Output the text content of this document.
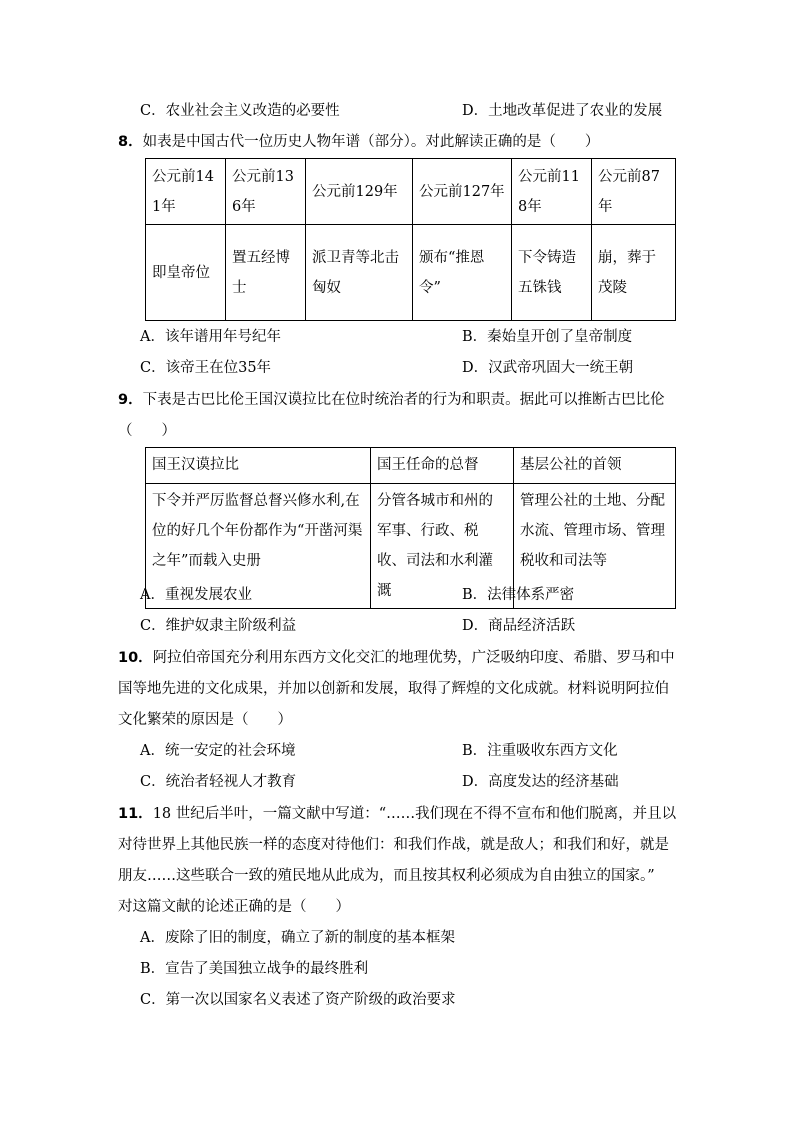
C．农业社会主义改造的必要性	D．土地改革促进了农业的发展
8．如表是中国古代一位历史人物年谱（部分）。对此解读正确的是（　　）
公元前141年	公元前136年	公元前129年	公元前127年	公元前118年	公元前87年
即皇帝位	置五经博士	派卫青等北击匈奴	颁布“推恩令”	下令铸造五铢钱	崩，葬于茂陵
A．该年谱用年号纪年	B．秦始皇开创了皇帝制度
C．该帝王在位35年	D．汉武帝巩固大一统王朝
9．下表是古巴比伦王国汉谟拉比在位时统治者的行为和职责。据此可以推断古巴比伦
（　　）
国王汉谟拉比	国王任命的总督	基层公社的首领
下令并严厉监督总督兴修水利,在位的好几个年份都作为“开凿河渠之年”而载入史册	分管各城市和州的军事、行政、税收、司法和水利灌溉	管理公社的土地、分配水流、管理市场、管理税收和司法等
A．重视发展农业	B．法律体系严密
C．维护奴隶主阶级利益	D．商品经济活跃
10．阿拉伯帝国充分利用东西方文化交汇的地理优势，广泛吸纳印度、希腊、罗马和中
国等地先进的文化成果，并加以创新和发展，取得了辉煌的文化成就。材料说明阿拉伯
文化繁荣的原因是（　　）
A．统一安定的社会环境	B．注重吸收东西方文化
C．统治者轻视人才教育	D．高度发达的经济基础
11．18 世纪后半叶，一篇文献中写道：“……我们现在不得不宣布和他们脱离，并且以
对待世界上其他民族一样的态度对待他们：和我们作战，就是敌人；和我们和好，就是
朋友……这些联合一致的殖民地从此成为，而且按其权利必须成为自由独立的国家。”
对这篇文献的论述正确的是（　　）
A．废除了旧的制度，确立了新的制度的基本框架
B．宣告了美国独立战争的最终胜利
C．第一次以国家名义表述了资产阶级的政治要求
